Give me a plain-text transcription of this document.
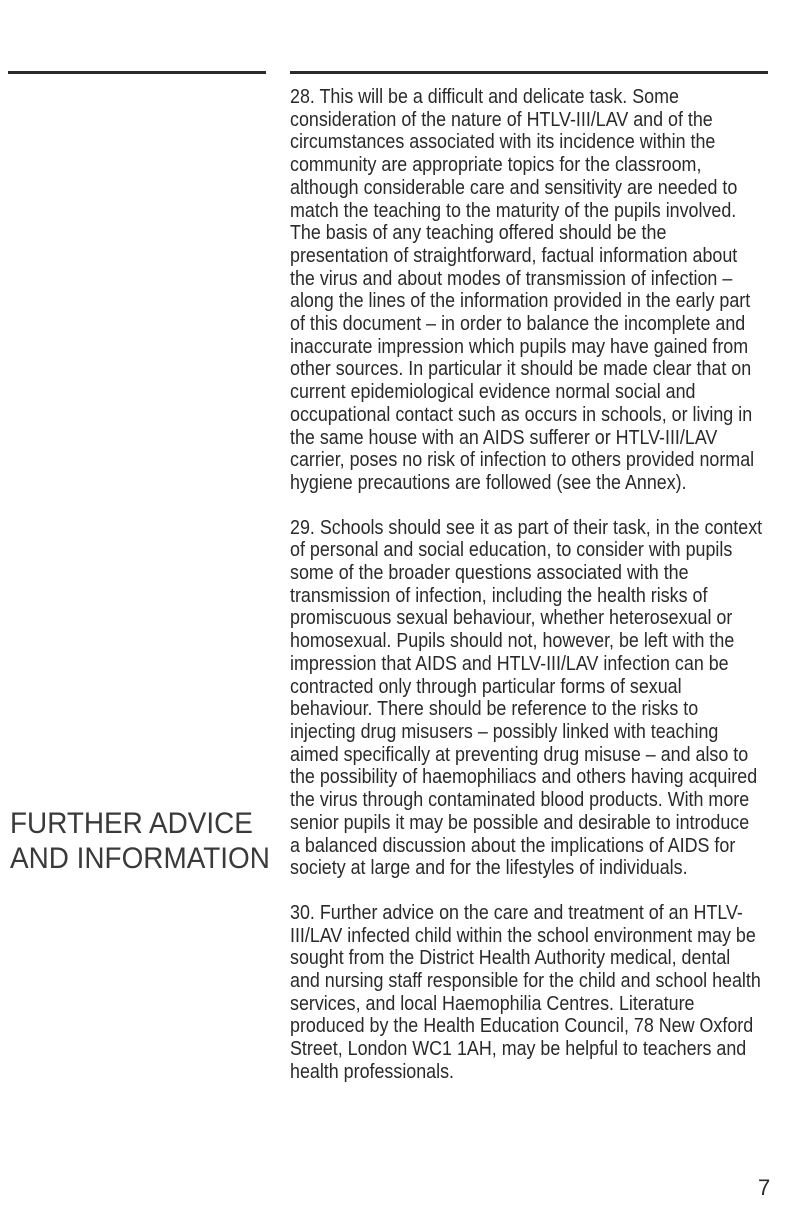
FURTHER ADVICE
AND INFORMATION

28. This will be a difficult and delicate task. Some consideration of the nature of HTLV-III/LAV and of the circumstances associated with its incidence within the community are appropriate topics for the classroom, although considerable care and sensitivity are needed to match the teaching to the maturity of the pupils involved. The basis of any teaching offered should be the presentation of straightforward, factual information about the virus and about modes of transmission of infection – along the lines of the information provided in the early part of this document – in order to balance the incomplete and inaccurate impression which pupils may have gained from other sources. In particular it should be made clear that on current epidemiological evidence normal social and occupational contact such as occurs in schools, or living in the same house with an AIDS sufferer or HTLV-III/LAV carrier, poses no risk of infection to others provided normal hygiene precautions are followed (see the Annex).

29. Schools should see it as part of their task, in the context of personal and social education, to consider with pupils some of the broader questions associated with the transmission of infection, including the health risks of promiscuous sexual behaviour, whether heterosexual or homosexual. Pupils should not, however, be left with the impression that AIDS and HTLV-III/LAV infection can be contracted only through particular forms of sexual behaviour. There should be reference to the risks to injecting drug misusers – possibly linked with teaching aimed specifically at preventing drug misuse – and also to the possibility of haemophiliacs and others having acquired the virus through contaminated blood products. With more senior pupils it may be possible and desirable to introduce a balanced discussion about the implications of AIDS for society at large and for the lifestyles of individuals.

30. Further advice on the care and treatment of an HTLV-III/LAV infected child within the school environment may be sought from the District Health Authority medical, dental and nursing staff responsible for the child and school health services, and local Haemophilia Centres. Literature produced by the Health Education Council, 78 New Oxford Street, London WC1 1AH, may be helpful to teachers and health professionals.

7
